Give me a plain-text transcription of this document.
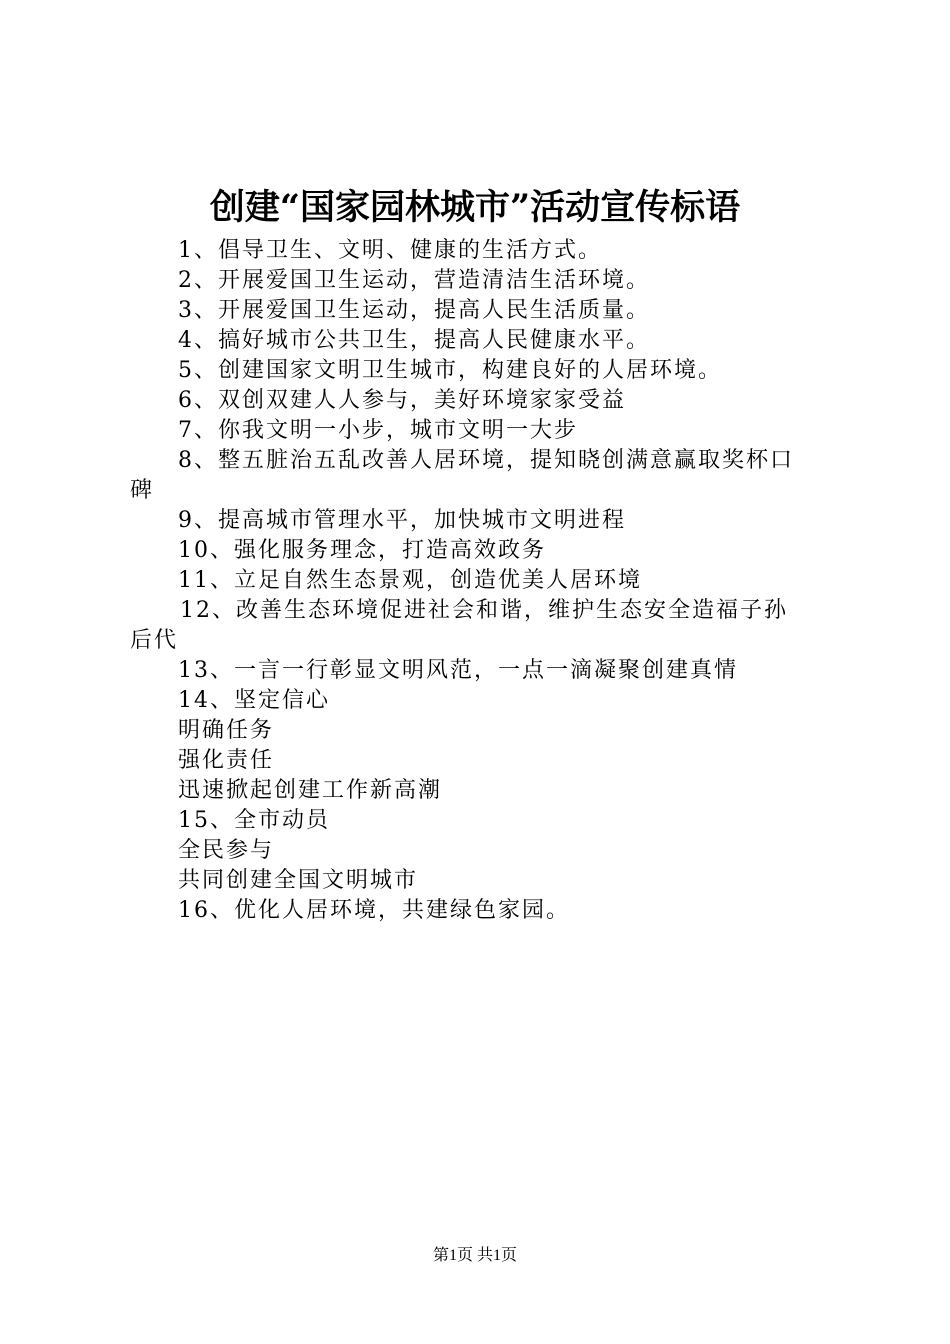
创建“国家园林城市”活动宣传标语
1、倡导卫生、文明、健康的生活方式。
2、开展爱国卫生运动，营造清洁生活环境。
3、开展爱国卫生运动，提高人民生活质量。
4、搞好城市公共卫生，提高人民健康水平。
5、创建国家文明卫生城市，构建良好的人居环境。
6、双创双建人人参与，美好环境家家受益
7、你我文明一小步，城市文明一大步
8、整五脏治五乱改善人居环境，提知晓创满意赢取奖杯口
碑
9、提高城市管理水平，加快城市文明进程
10、强化服务理念，打造高效政务
11、立足自然生态景观，创造优美人居环境
12、改善生态环境促进社会和谐，维护生态安全造福子孙
后代
13、一言一行彰显文明风范，一点一滴凝聚创建真情
14、坚定信心
明确任务
强化责任
迅速掀起创建工作新高潮
15、全市动员
全民参与
共同创建全国文明城市
16、优化人居环境，共建绿色家园。
第1页 共1页
